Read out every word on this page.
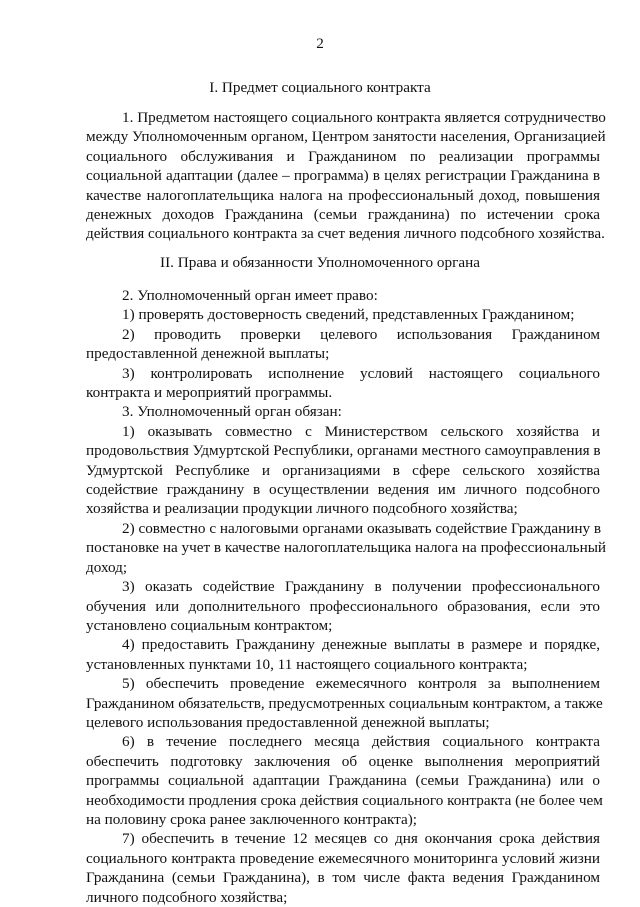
2
I. Предмет социального контракта
1. Предметом настоящего социального контракта является сотрудничество
между Уполномоченным органом, Центром занятости населения, Организацией
социального обслуживания и Гражданином по реализации программы
социальной адаптации (далее – программа) в целях регистрации Гражданина в
качестве налогоплательщика налога на профессиональный доход, повышения
денежных доходов Гражданина (семьи гражданина) по истечении срока
действия социального контракта за счет ведения личного подсобного хозяйства.
II. Права и обязанности Уполномоченного органа
2. Уполномоченный орган имеет право:
1) проверять достоверность сведений, представленных Гражданином;
2) проводить проверки целевого использования Гражданином
предоставленной денежной выплаты;
3) контролировать исполнение условий настоящего социального
контракта и мероприятий программы.
3. Уполномоченный орган обязан:
1) оказывать совместно с Министерством сельского хозяйства и
продовольствия Удмуртской Республики, органами местного самоуправления в
Удмуртской Республике и организациями в сфере сельского хозяйства
содействие гражданину в осуществлении ведения им личного подсобного
хозяйства и реализации продукции личного подсобного хозяйства;
2) совместно с налоговыми органами оказывать содействие Гражданину в
постановке на учет в качестве налогоплательщика налога на профессиональный
доход;
3) оказать содействие Гражданину в получении профессионального
обучения или дополнительного профессионального образования, если это
установлено социальным контрактом;
4) предоставить Гражданину денежные выплаты в размере и порядке,
установленных пунктами 10, 11 настоящего социального контракта;
5) обеспечить проведение ежемесячного контроля за выполнением
Гражданином обязательств, предусмотренных социальным контрактом, а также
целевого использования предоставленной денежной выплаты;
6) в течение последнего месяца действия социального контракта
обеспечить подготовку заключения об оценке выполнения мероприятий
программы социальной адаптации Гражданина (семьи Гражданина) или о
необходимости продления срока действия социального контракта (не более чем
на половину срока ранее заключенного контракта);
7) обеспечить в течение 12 месяцев со дня окончания срока действия
социального контракта проведение ежемесячного мониторинга условий жизни
Гражданина (семьи Гражданина), в том числе факта ведения Гражданином
личного подсобного хозяйства;
